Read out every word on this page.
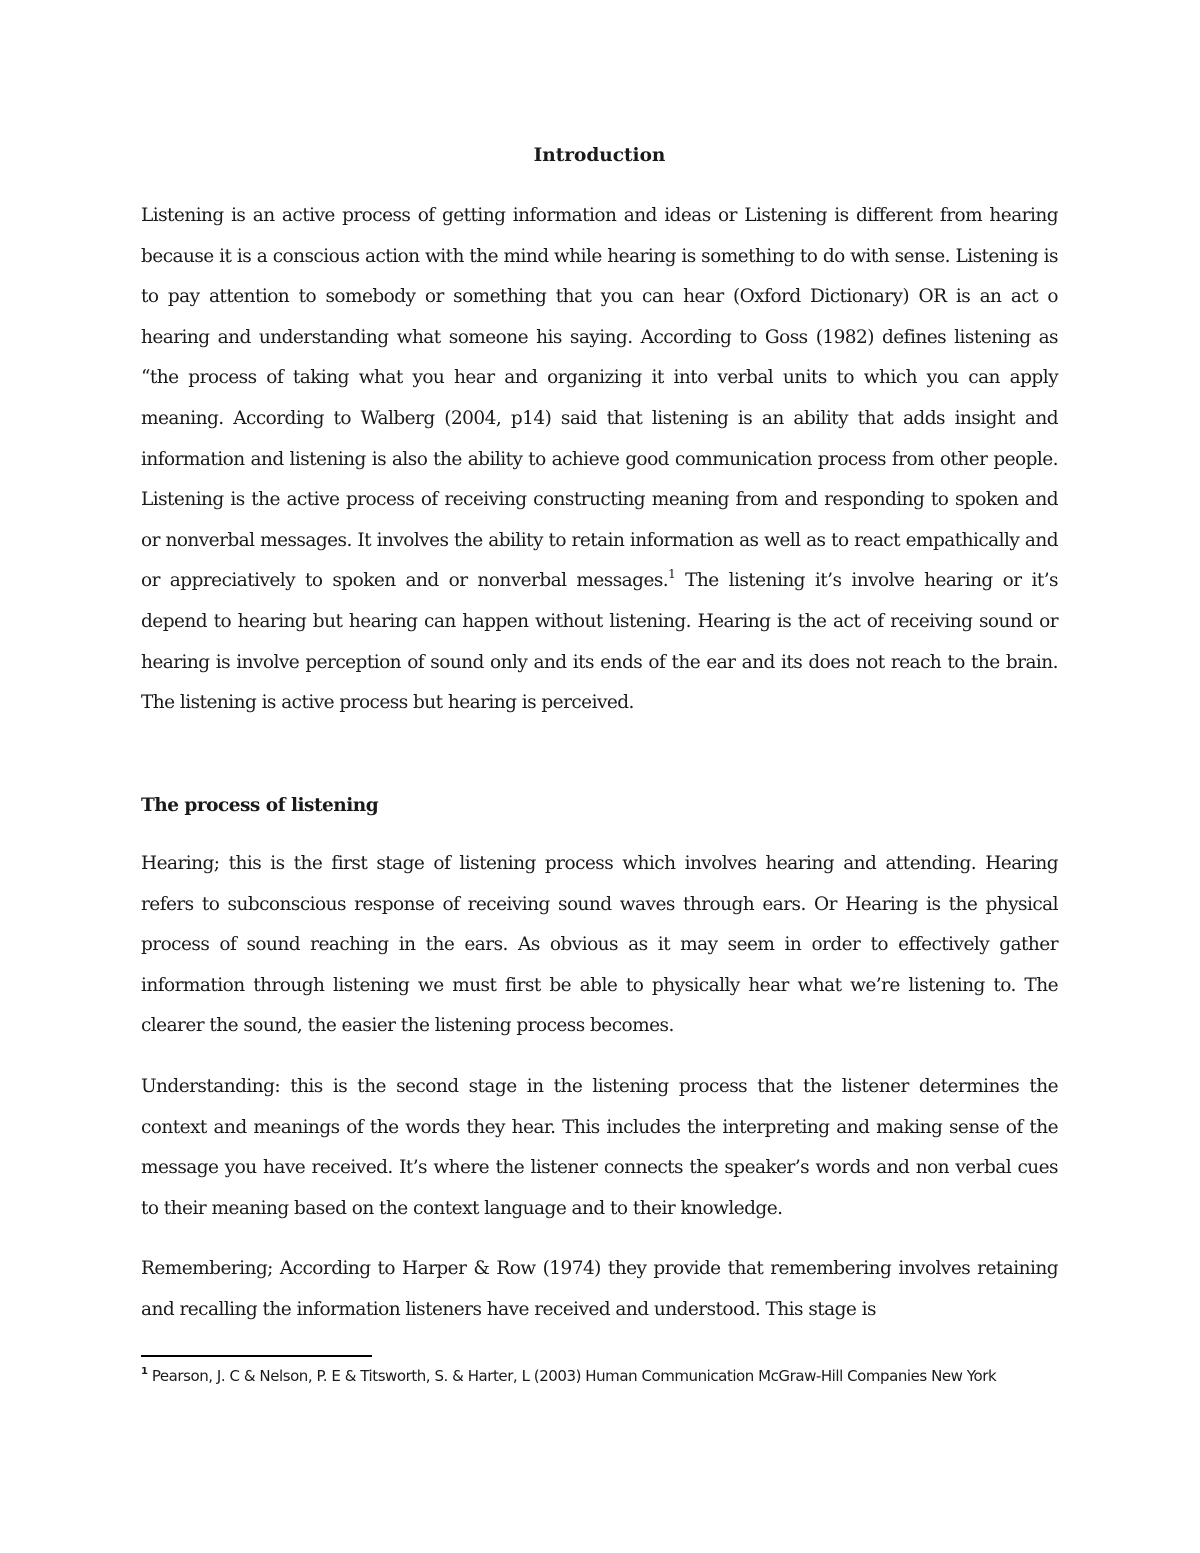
Introduction

Listening is an active process of getting information and ideas or Listening is different from hearing because it is a conscious action with the mind while hearing is something to do with sense. Listening is to pay attention to somebody or something that you can hear (Oxford Dictionary) OR is an act o hearing and understanding what someone his saying. According to Goss (1982) defines listening as “the process of taking what you hear and organizing it into verbal units to which you can apply meaning. According to Walberg (2004, p14) said that listening is an ability that adds insight and information and listening is also the ability to achieve good communication process from other people. Listening is the active process of receiving constructing meaning from and responding to spoken and or nonverbal messages. It involves the ability to retain information as well as to react empathically and or appreciatively to spoken and or nonverbal messages.$^1$ The listening it’s involve hearing or it’s depend to hearing but hearing can happen without listening. Hearing is the act of receiving sound or hearing is involve perception of sound only and its ends of the ear and its does not reach to the brain. The listening is active process but hearing is perceived.

The process of listening

Hearing; this is the first stage of listening process which involves hearing and attending. Hearing refers to subconscious response of receiving sound waves through ears. Or Hearing is the physical process of sound reaching in the ears. As obvious as it may seem in order to effectively gather information through listening we must first be able to physically hear what we’re listening to. The clearer the sound, the easier the listening process becomes.

Understanding: this is the second stage in the listening process that the listener determines the context and meanings of the words they hear. This includes the interpreting and making sense of the message you have received. It’s where the listener connects the speaker’s words and non verbal cues to their meaning based on the context language and to their knowledge.

Remembering; According to Harper & Row (1974) they provide that remembering involves retaining and recalling the information listeners have received and understood. This stage is

$^1$ Pearson, J. C & Nelson, P. E & Titsworth, S. & Harter, L (2003) Human Communication McGraw-Hill Companies New York
